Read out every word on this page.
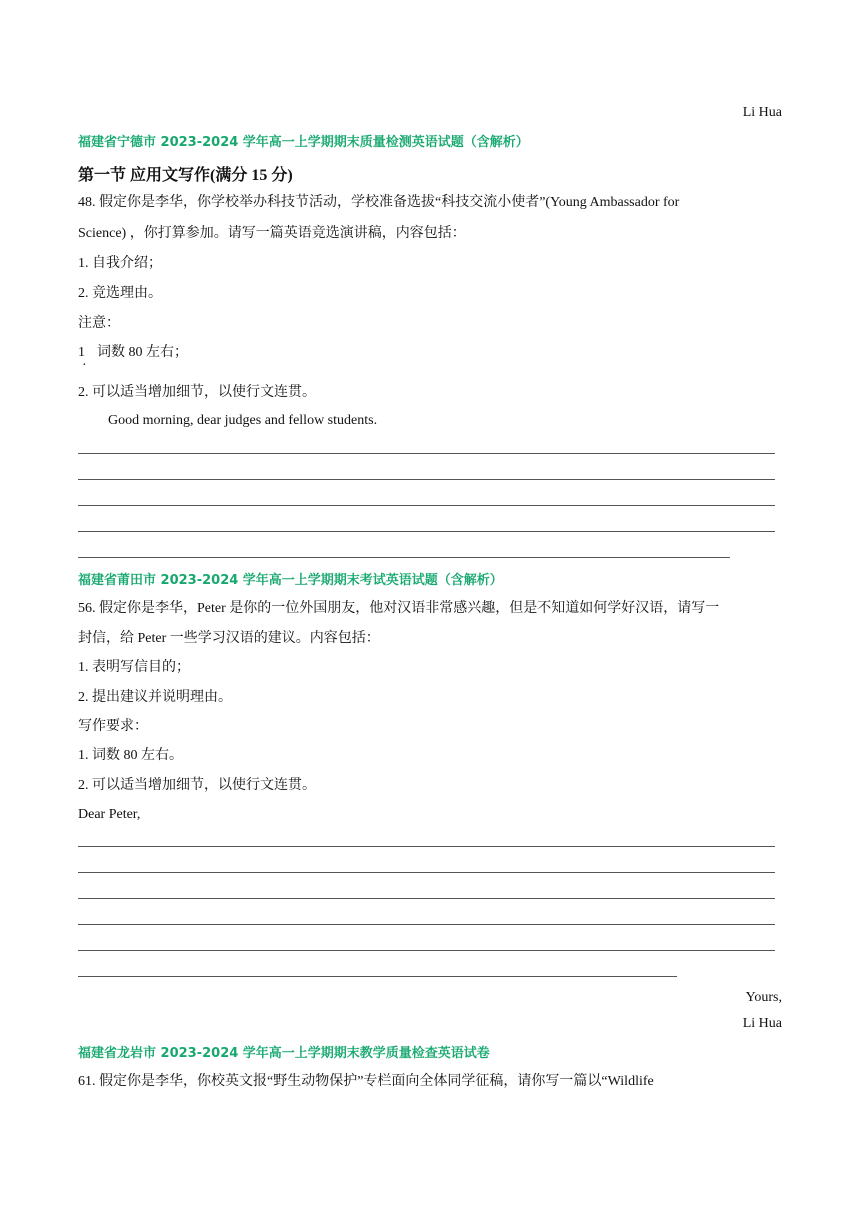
Li Hua
福建省宁德市 2023-2024 学年高一上学期期末质量检测英语试题（含解析）
第一节 应用文写作(满分 15 分)
48. 假定你是李华，你学校举办科技节活动，学校准备选拔“科技交流小使者”(Young Ambassador for
Science) ，你打算参加。请写一篇英语竞选演讲稿，内容包括：
1. 自我介绍；
2. 竞选理由。
注意：
1
·
词数 80 左右；
2. 可以适当增加细节，以使行文连贯。
Good morning, dear judges and fellow students.
福建省莆田市 2023-2024 学年高一上学期期末考试英语试题（含解析）
56. 假定你是李华，Peter 是你的一位外国朋友，他对汉语非常感兴趣，但是不知道如何学好汉语，请写一
封信，给 Peter 一些学习汉语的建议。内容包括：
1. 表明写信目的；
2. 提出建议并说明理由。
写作要求：
1. 词数 80 左右。
2. 可以适当增加细节，以使行文连贯。
Dear Peter,
Yours,
Li Hua
福建省龙岩市 2023-2024 学年高一上学期期末教学质量检查英语试卷
61. 假定你是李华，你校英文报“野生动物保护”专栏面向全体同学征稿，请你写一篇以“Wildlife
